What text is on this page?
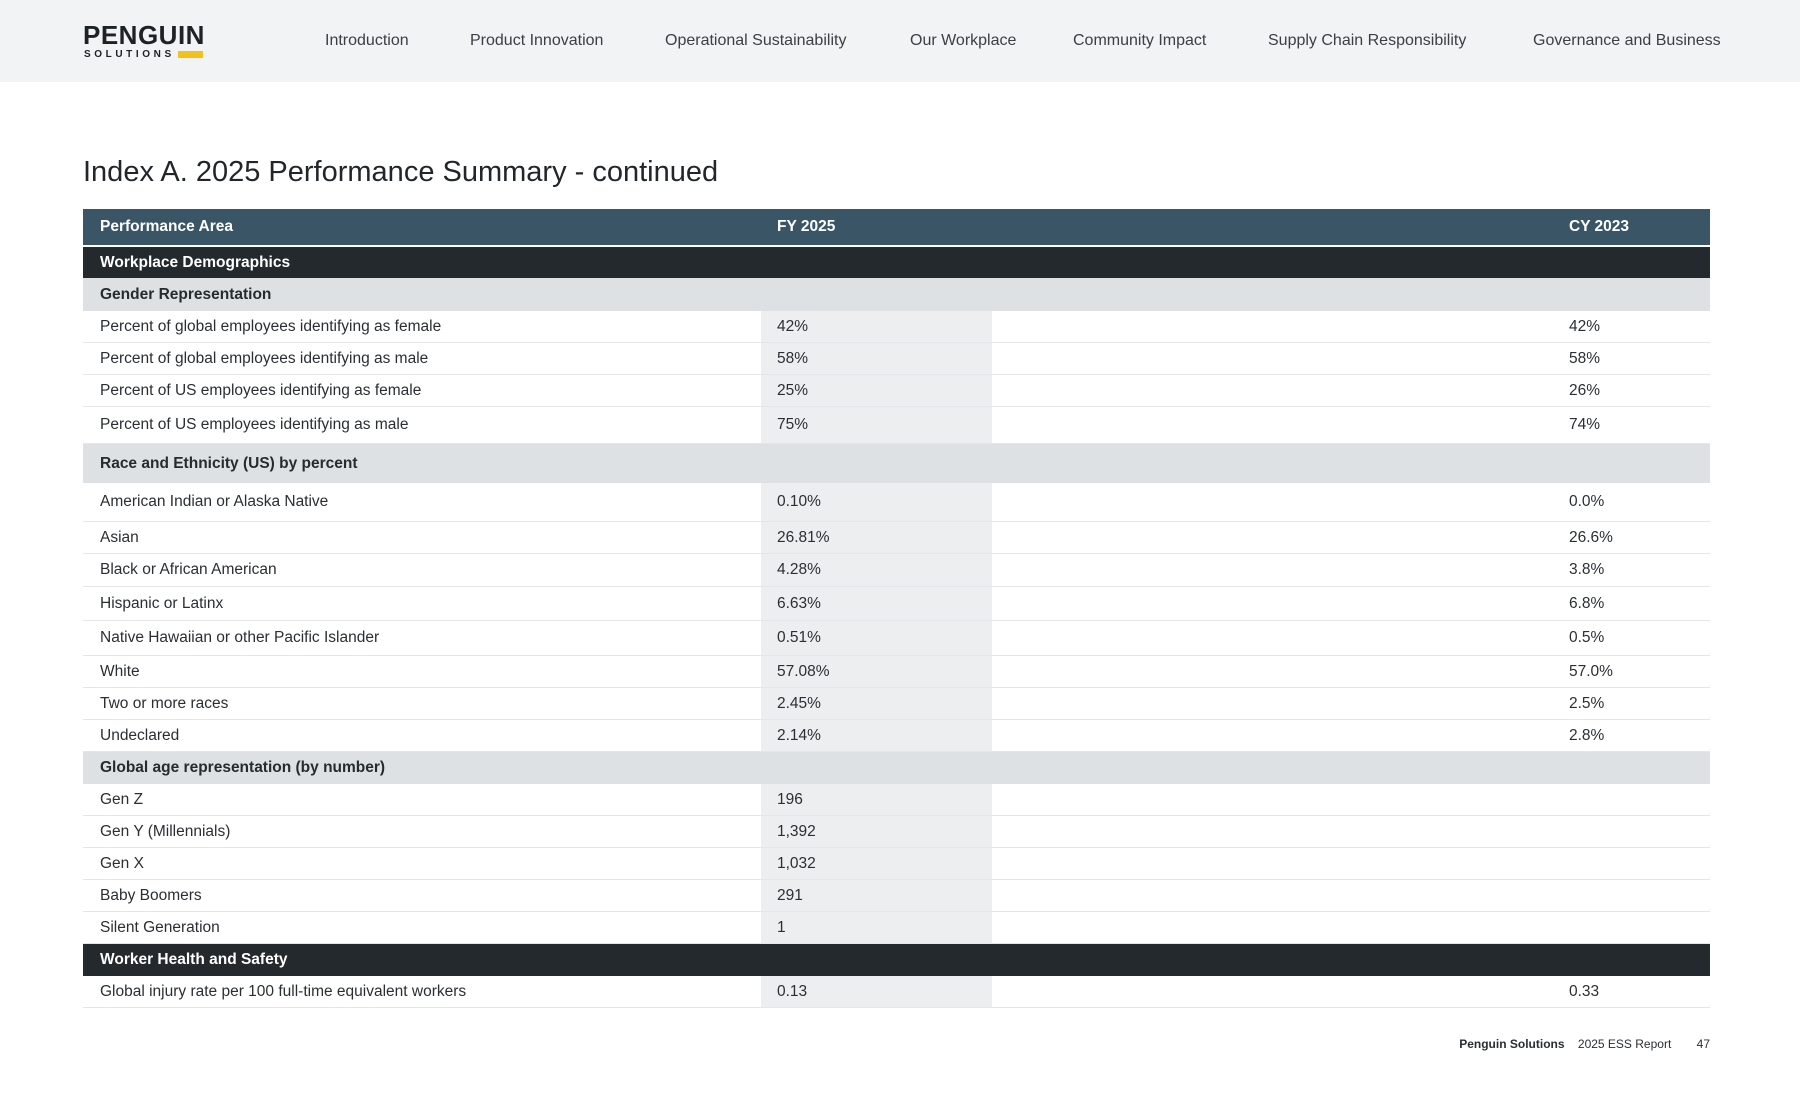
PENGUIN
SOLUTIONS
Introduction	Product Innovation	Operational Sustainability	Our Workplace	Community Impact	Supply Chain Responsibility	Governance and Business
Index A. 2025 Performance Summary - continued
Performance Area	FY 2025	CY 2023
Workplace Demographics
Gender Representation
Percent of global employees identifying as female	42%	42%
Percent of global employees identifying as male	58%	58%
Percent of US employees identifying as female	25%	26%
Percent of US employees identifying as male	75%	74%
Race and Ethnicity (US) by percent
American Indian or Alaska Native	0.10%	0.0%
Asian	26.81%	26.6%
Black or African American	4.28%	3.8%
Hispanic or Latinx	6.63%	6.8%
Native Hawaiian or other Pacific Islander	0.51%	0.5%
White	57.08%	57.0%
Two or more races	2.45%	2.5%
Undeclared	2.14%	2.8%
Global age representation (by number)
Gen Z	196
Gen Y (Millennials)	1,392
Gen X	1,032
Baby Boomers	291
Silent Generation	1
Worker Health and Safety
Global injury rate per 100 full-time equivalent workers	0.13	0.33
Penguin Solutions 2025 ESS Report 47
